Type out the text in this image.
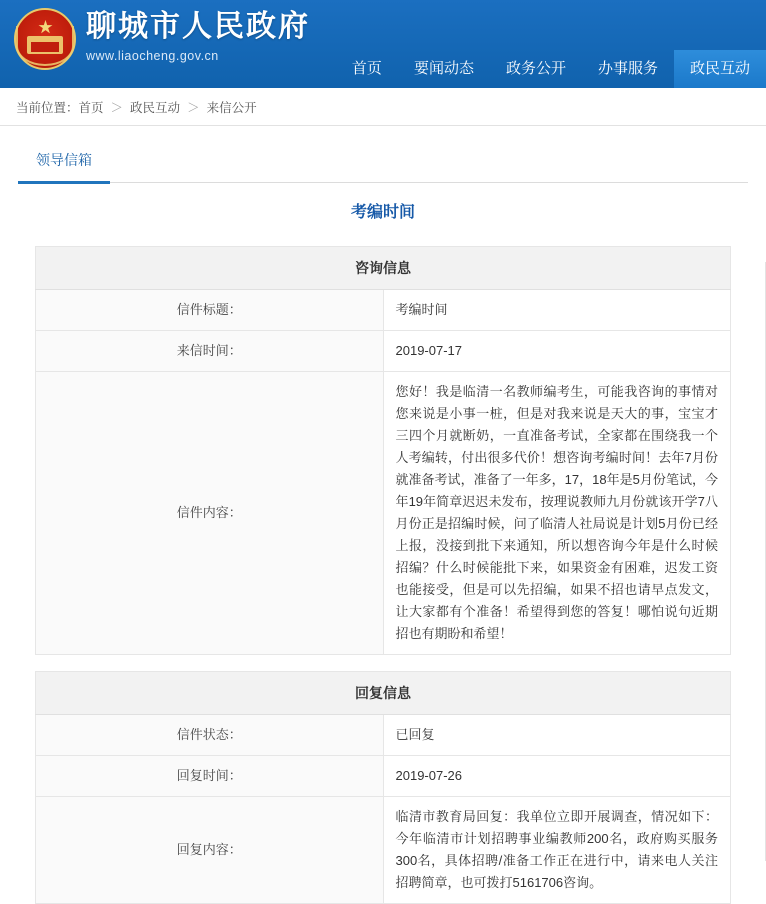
★ 聊城市人民政府
www.liaocheng.gov.cn
首页	要闻动态	政务公开	办事服务	政民互动
当前位置： 首页 ＞ 政民互动 ＞ 来信公开
领导信箱
考编时间
咨询信息	
信件标题：	考编时间
来信时间：	2019-07-17
信件内容：	您好！我是临清一名教师编考生，可能我咨询的事情对您来说是小事一桩，但是对我来说是天大的事，宝宝才三四个月就断奶，一直准备考试，全家都在围绕我一个人考编转，付出很多代价！想咨询考编时间！去年7月份就准备考试，准备了一年多，17，18年是5月份笔试，今年19年简章迟迟未发布，按理说教师九月份就该开学7八月份正是招编时候，问了临清人社局说是计划5月份已经上报，没接到批下来通知，所以想咨询今年是什么时候招编？什么时候能批下来，如果资金有困难，迟发工资也能接受，但是可以先招编，如果不招也请早点发文，让大家都有个准备！希望得到您的答复！哪怕说句近期招也有期盼和希望！
回复信息	
信件状态：	已回复
回复时间：	2019-07-26
回复内容：	临清市教育局回复：我单位立即开展调查，情况如下：今年临清市计划招聘事业编教师200名，政府购买服务300名，具体招聘/准备工作正在进行中，请来电人关注招聘简章，也可拨打5161706咨询。
